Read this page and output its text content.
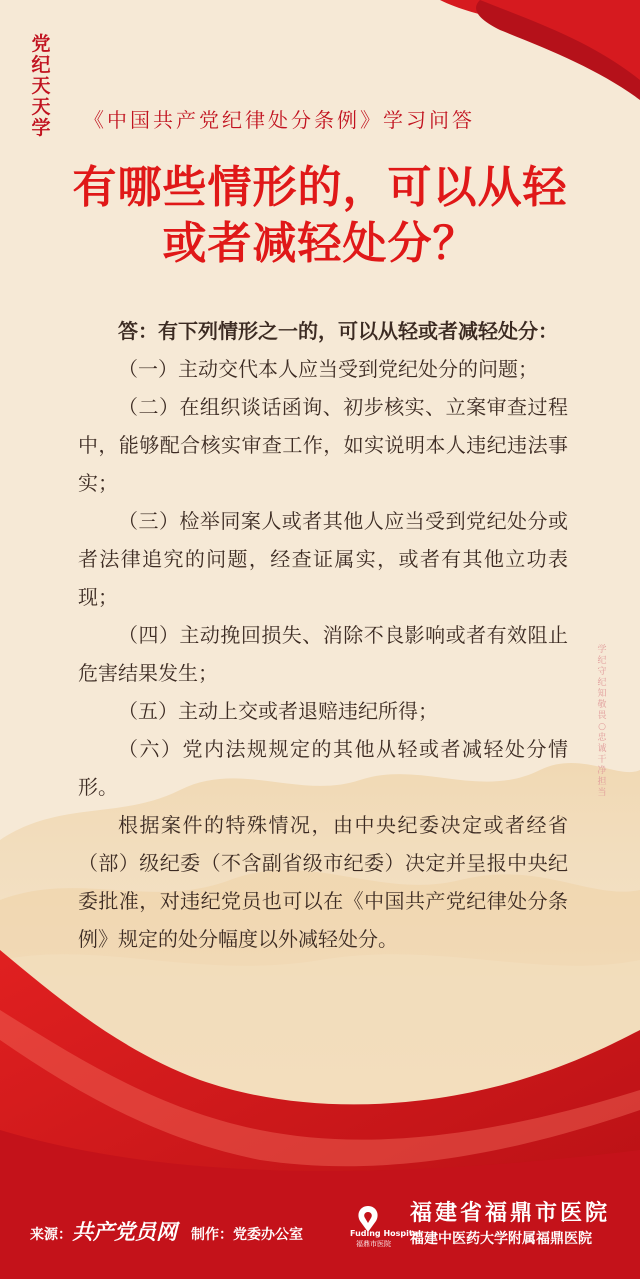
党纪天天学 《中国共产党纪律处分条例》学习问答
有哪些情形的，可以从轻
或者减轻处分？

答：有下列情形之一的，可以从轻或者减轻处分：

（一）主动交代本人应当受到党纪处分的问题；

（二）在组织谈话函询、初步核实、立案审查过程中，能够配合核实审查工作，如实说明本人违纪违法事实；

（三）检举同案人或者其他人应当受到党纪处分或者法律追究的问题，经查证属实，或者有其他立功表现；

（四）主动挽回损失、消除不良影响或者有效阻止危害结果发生；

（五）主动上交或者退赔违纪所得；

（六）党内法规规定的其他从轻或者减轻处分情形。

根据案件的特殊情况，由中央纪委决定或者经省（部）级纪委（不含副省级市纪委）决定并呈报中央纪委批准，对违纪党员也可以在《中国共产党纪律处分条例》规定的处分幅度以外减轻处分。

学纪守纪知敬畏○忠诚干净担当
来源：共产党员网 制作：党委办公室	Fuding Hospital
福鼎市医院
福建省福鼎市医院
福建中医药大学附属福鼎医院
